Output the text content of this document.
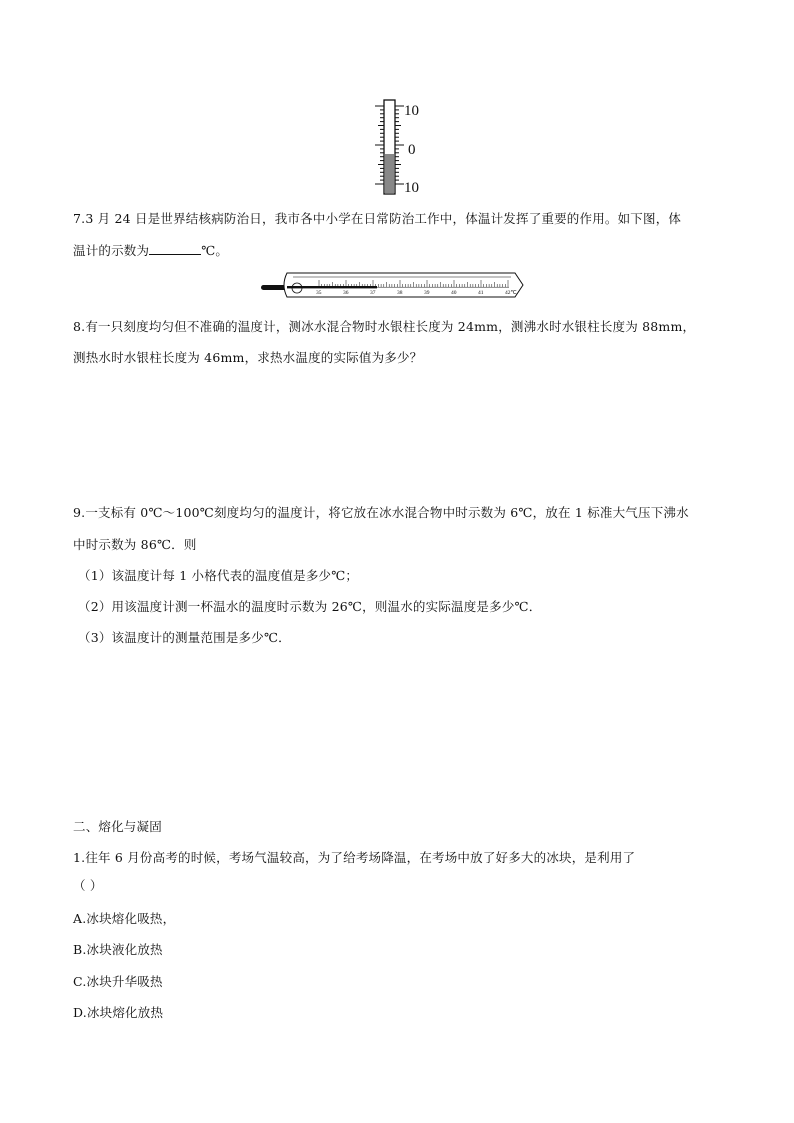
10
0
10
7.3 月 24 日是世界结核病防治日，我市各中小学在日常防治工作中，体温计发挥了重要的作用。如下图，体
温计的示数为	℃。
35	36	37	38	39	40	41	42℃
8.有一只刻度均匀但不准确的温度计，测冰水混合物时水银柱长度为 24mm，测沸水时水银柱长度为 88mm，
测热水时水银柱长度为 46mm，求热水温度的实际值为多少？
9.一支标有 0℃～100℃刻度均匀的温度计，将它放在冰水混合物中时示数为 6℃，放在 1 标准大气压下沸水
中时示数为 86℃．则
（1）该温度计每 1 小格代表的温度值是多少℃；
（2）用该温度计测一杯温水的温度时示数为 26℃，则温水的实际温度是多少℃．
（3）该温度计的测量范围是多少℃．
二、熔化与凝固
1.往年 6 月份高考的时候，考场气温较高，为了给考场降温，在考场中放了好多大的冰块，是利用了
（ ）
A.冰块熔化吸热，
B.冰块液化放热
C.冰块升华吸热
D.冰块熔化放热
